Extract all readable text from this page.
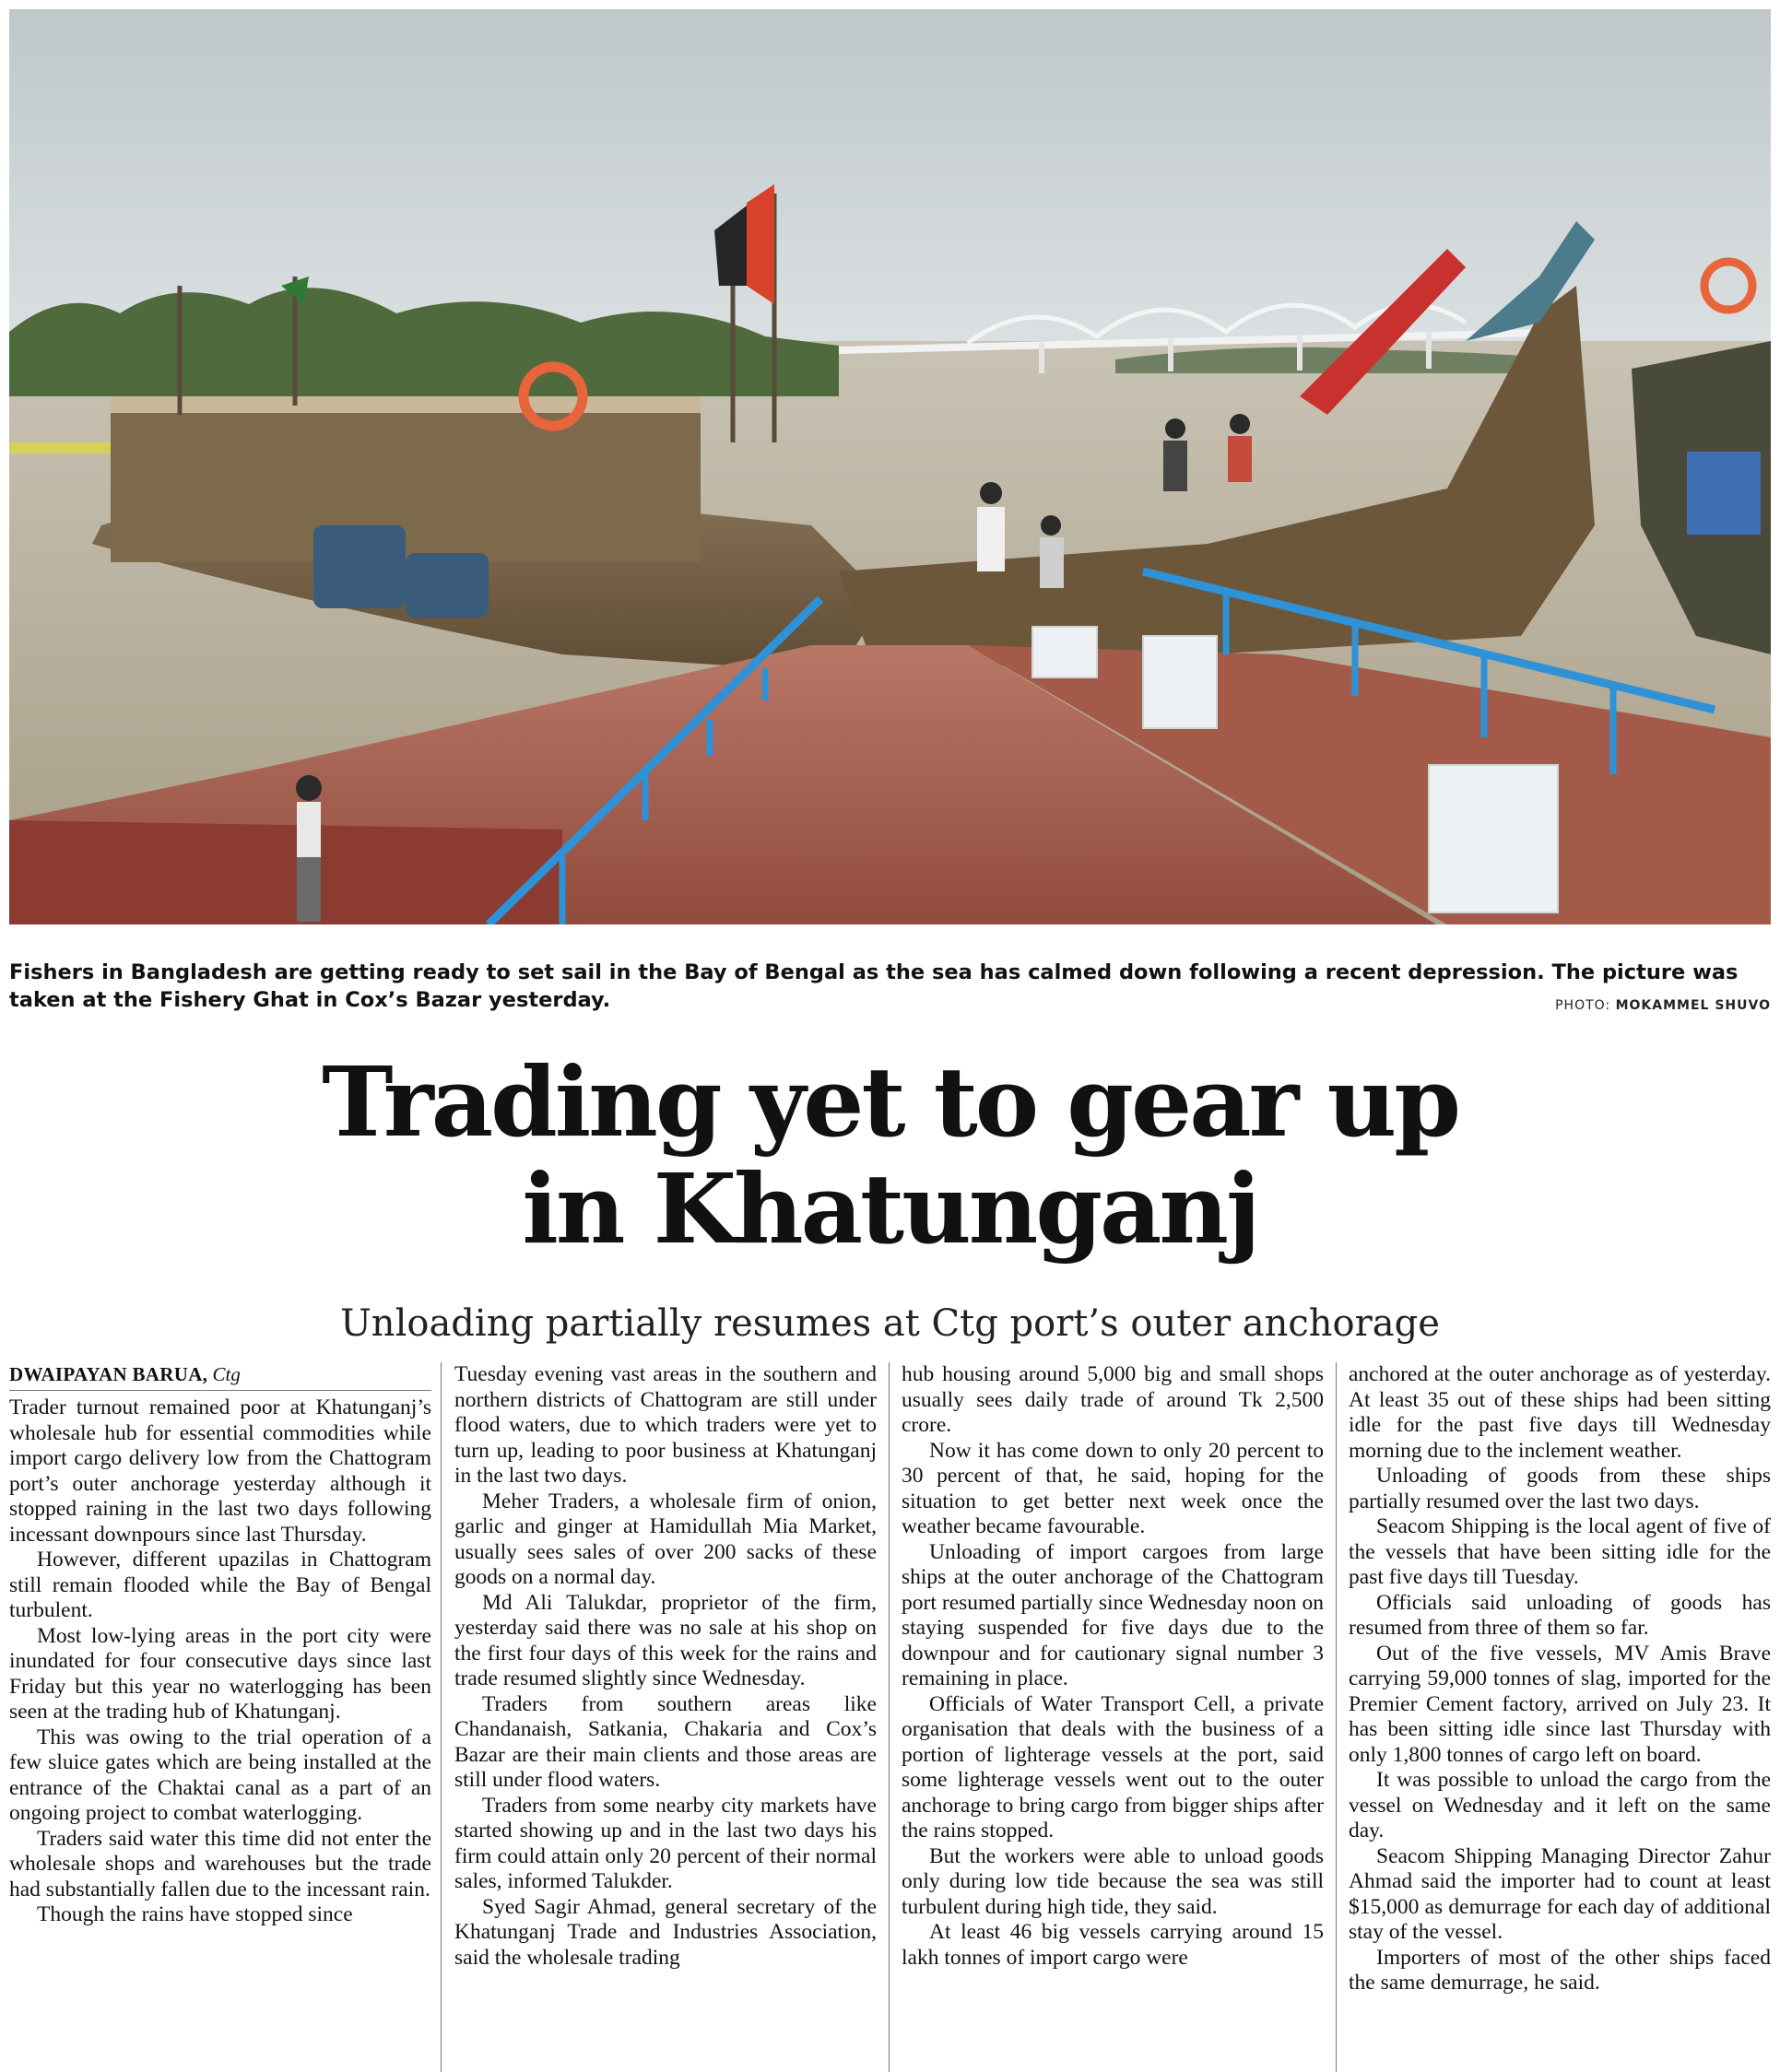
Fishers in Bangladesh are getting ready to set sail in the Bay of Bengal as the sea has calmed down following a recent depression. The picture was taken at the Fishery Ghat in Cox’s Bazar yesterday.	PHOTO: MOKAMMEL SHUVO
Trading yet to gear up
in Khatunganj
Unloading partially resumes at Ctg port’s outer anchorage
DWAIPAYAN BARUA, Ctg

Trader turnout remained poor at Khatunganj’s wholesale hub for essential commodities while import cargo delivery low from the Chattogram port’s outer anchorage yesterday although it stopped raining in the last two days following incessant downpours since last Thursday.

However, different upazilas in Chattogram still remain flooded while the Bay of Bengal turbulent.

Most low-lying areas in the port city were inundated for four consecutive days since last Friday but this year no waterlogging has been seen at the trading hub of Khatunganj.

This was owing to the trial operation of a few sluice gates which are being installed at the entrance of the Chaktai canal as a part of an ongoing project to combat waterlogging.

Traders said water this time did not enter the wholesale shops and warehouses but the trade had substantially fallen due to the incessant rain.

Though the rains have stopped since

Tuesday evening vast areas in the southern and northern districts of Chattogram are still under flood waters, due to which traders were yet to turn up, leading to poor business at Khatunganj in the last two days.

Meher Traders, a wholesale firm of onion, garlic and ginger at Hamidullah Mia Market, usually sees sales of over 200 sacks of these goods on a normal day.

Md Ali Talukdar, proprietor of the firm, yesterday said there was no sale at his shop on the first four days of this week for the rains and trade resumed slightly since Wednesday.

Traders from southern areas like Chandanaish, Satkania, Chakaria and Cox’s Bazar are their main clients and those areas are still under flood waters.

Traders from some nearby city markets have started showing up and in the last two days his firm could attain only 20 percent of their normal sales, informed Talukder.

Syed Sagir Ahmad, general secretary of the Khatunganj Trade and Industries Association, said the wholesale trading

hub housing around 5,000 big and small shops usually sees daily trade of around Tk 2,500 crore.

Now it has come down to only 20 percent to 30 percent of that, he said, hoping for the situation to get better next week once the weather became favourable.

Unloading of import cargoes from large ships at the outer anchorage of the Chattogram port resumed partially since Wednesday noon on staying suspended for five days due to the downpour and for cautionary signal number 3 remaining in place.

Officials of Water Transport Cell, a private organisation that deals with the business of a portion of lighterage vessels at the port, said some lighterage vessels went out to the outer anchorage to bring cargo from bigger ships after the rains stopped.

But the workers were able to unload goods only during low tide because the sea was still turbulent during high tide, they said.

At least 46 big vessels carrying around 15 lakh tonnes of import cargo were

anchored at the outer anchorage as of yesterday. At least 35 out of these ships had been sitting idle for the past five days till Wednesday morning due to the inclement weather.

Unloading of goods from these ships partially resumed over the last two days.

Seacom Shipping is the local agent of five of the vessels that have been sitting idle for the past five days till Tuesday.

Officials said unloading of goods has resumed from three of them so far.

Out of the five vessels, MV Amis Brave carrying 59,000 tonnes of slag, imported for the Premier Cement factory, arrived on July 23. It has been sitting idle since last Thursday with only 1,800 tonnes of cargo left on board.

It was possible to unload the cargo from the vessel on Wednesday and it left on the same day.

Seacom Shipping Managing Director Zahur Ahmad said the importer had to count at least $15,000 as demurrage for each day of additional stay of the vessel.

Importers of most of the other ships faced the same demurrage, he said.
